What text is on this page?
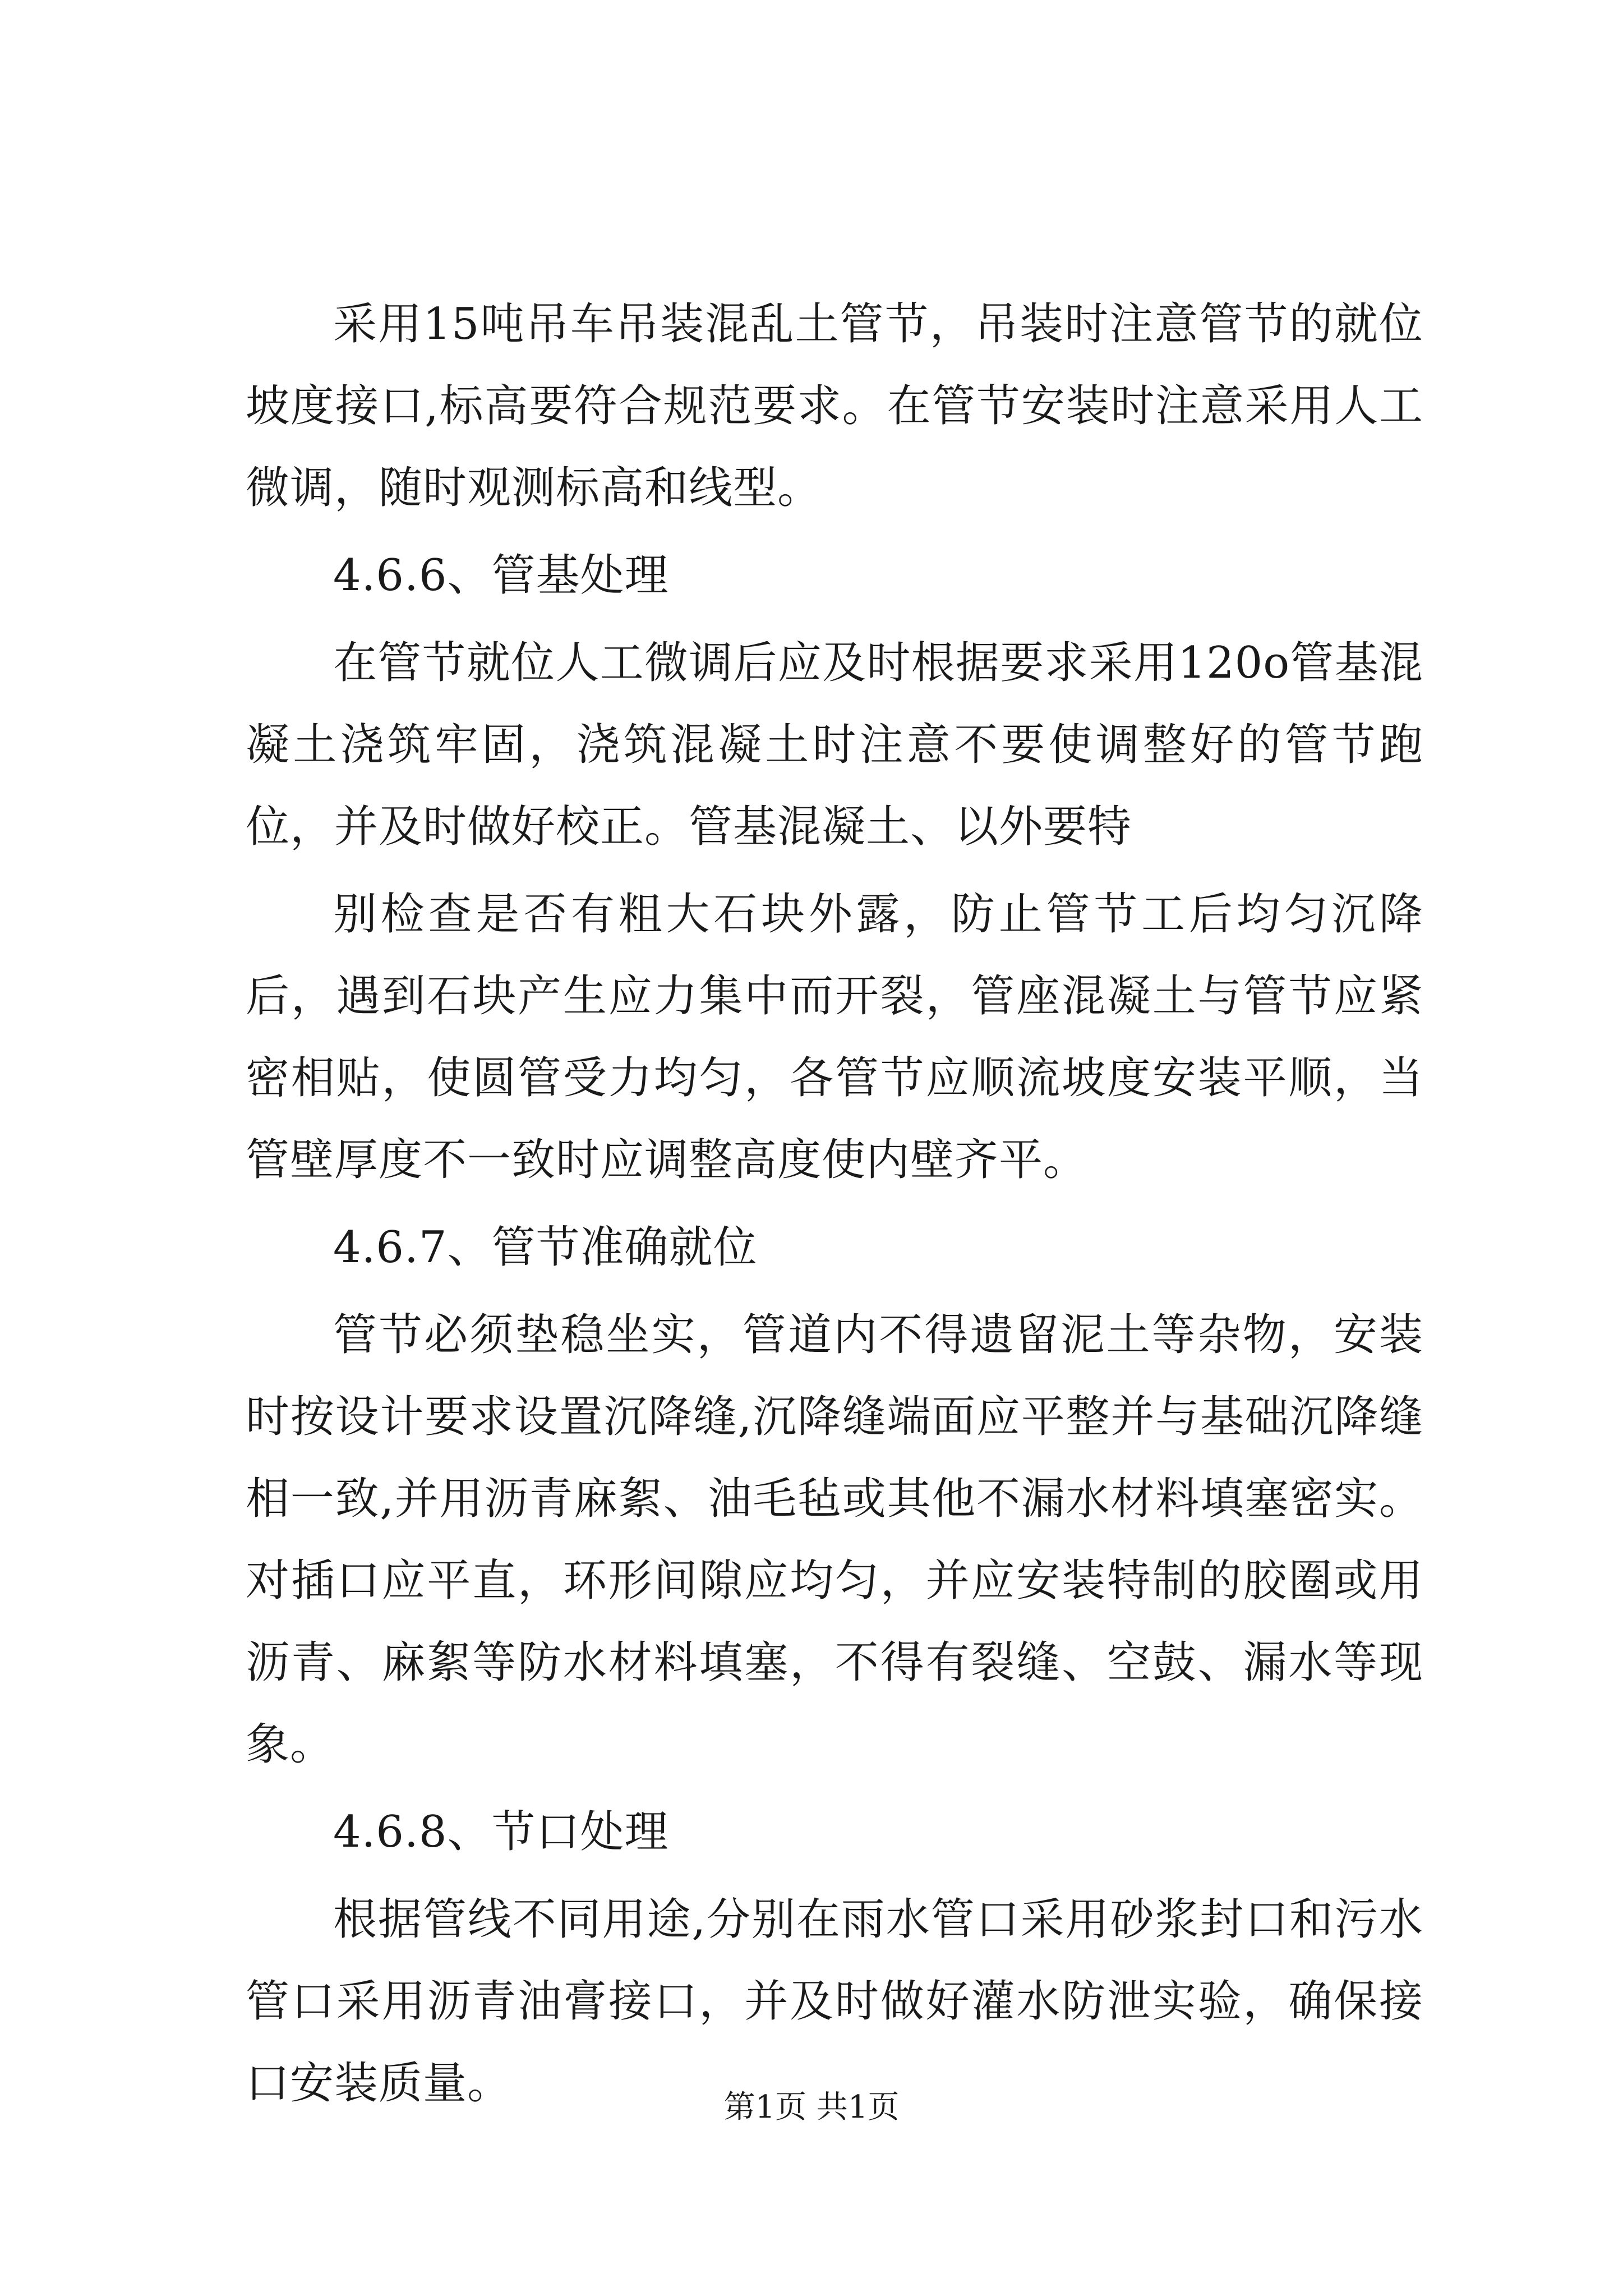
采用15吨吊车吊装混乱土管节，吊装时注意管节的就位坡度接口,标高要符合规范要求。在管节安装时注意采用人工微调，随时观测标高和线型。

4.6.6、管基处理

在管节就位人工微调后应及时根据要求采用120o管基混凝土浇筑牢固，浇筑混凝土时注意不要使调整好的管节跑位，并及时做好校正。管基混凝土、以外要特

别检查是否有粗大石块外露，防止管节工后均匀沉降后，遇到石块产生应力集中而开裂，管座混凝土与管节应紧密相贴，使圆管受力均匀，各管节应顺流坡度安装平顺，当管壁厚度不一致时应调整高度使内壁齐平。

4.6.7、管节准确就位

管节必须垫稳坐实，管道内不得遗留泥土等杂物，安装时按设计要求设置沉降缝,沉降缝端面应平整并与基础沉降缝相一致,并用沥青麻絮、油毛毡或其他不漏水材料填塞密实。对插口应平直，环形间隙应均匀，并应安装特制的胶圈或用沥青、麻絮等防水材料填塞，不得有裂缝、空鼓、漏水等现象。

4.6.8、节口处理

根据管线不同用途,分别在雨水管口采用砂浆封口和污水管口采用沥青油膏接口，并及时做好灌水防泄实验，确保接口安装质量。	第1页 共1页
